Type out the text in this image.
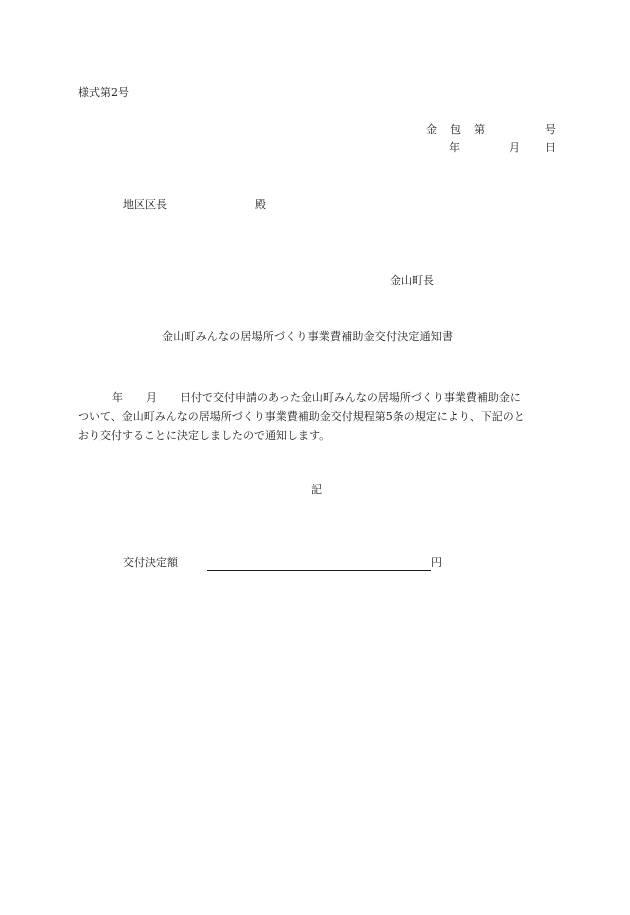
様式第2号
金 包 第	号
年	月 日
地区区長	殿
金山町長
金山町みんなの居場所づくり事業費補助金交付決定通知書
年 月 日付で交付申請のあった金山町みんなの居場所づくり事業費補助金に
ついて、金山町みんなの居場所づくり事業費補助金交付規程第5条の規定により、下記のと
おり交付することに決定しましたので通知します。
記
交付決定額	円
